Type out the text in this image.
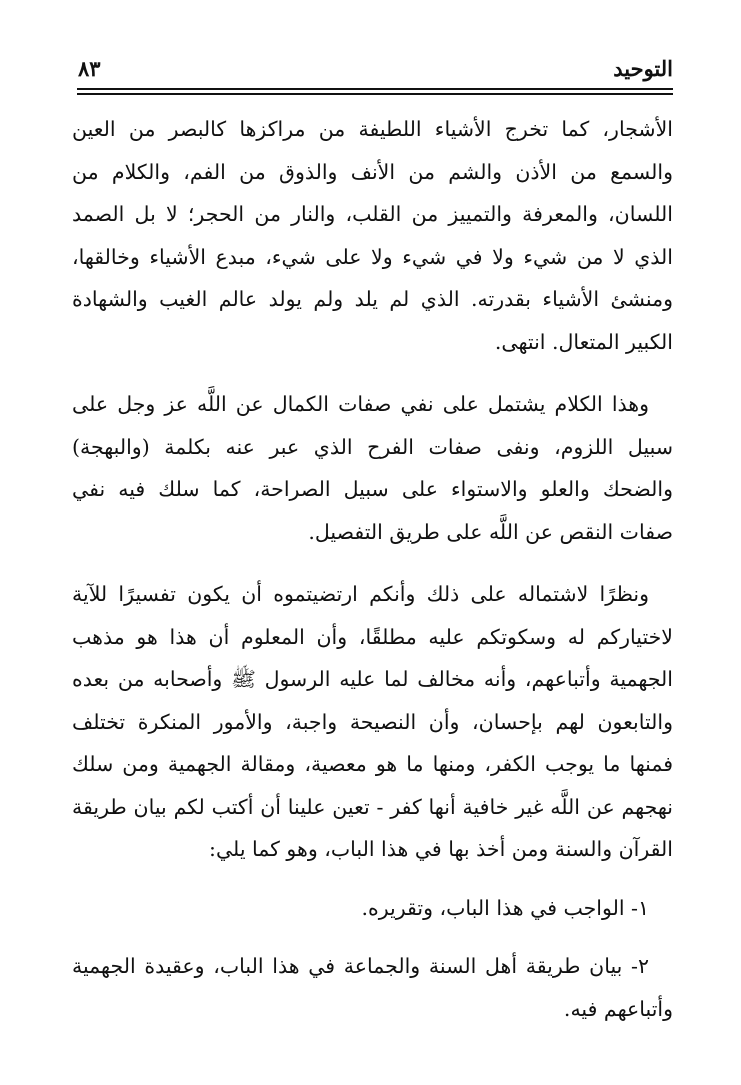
٨٣	التوحيد

الأشجار، كما تخرج الأشياء اللطيفة من مراكزها كالبصر من العين والسمع من الأذن والشم من الأنف والذوق من الفم، والكلام من اللسان، والمعرفة والتمييز من القلب، والنار من الحجر؛ لا بل الصمد الذي لا من شيء ولا في شيء ولا على شيء، مبدع الأشياء وخالقها، ومنشئ الأشياء بقدرته. الذي لم يلد ولم يولد عالم الغيب والشهادة الكبير المتعال. انتهى.

وهذا الكلام يشتمل على نفي صفات الكمال عن اللَّه عز وجل على سبيل اللزوم، ونفى صفات الفرح الذي عبر عنه بكلمة (والبهجة) والضحك والعلو والاستواء على سبيل الصراحة، كما سلك فيه نفي صفات النقص عن اللَّه على طريق التفصيل.

ونظرًا لاشتماله على ذلك وأنكم ارتضيتموه أن يكون تفسيرًا للآية لاختياركم له وسكوتكم عليه مطلقًا، وأن المعلوم أن هذا هو مذهب الجهمية وأتباعهم، وأنه مخالف لما عليه الرسول ﷺ وأصحابه من بعده والتابعون لهم بإحسان، وأن النصيحة واجبة، والأمور المنكرة تختلف فمنها ما يوجب الكفر، ومنها ما هو معصية، ومقالة الجهمية ومن سلك نهجهم عن اللَّه غير خافية أنها كفر - تعين علينا أن أكتب لكم بيان طريقة القرآن والسنة ومن أخذ بها في هذا الباب، وهو كما يلي:

١- الواجب في هذا الباب، وتقريره.

٢- بيان طريقة أهل السنة والجماعة في هذا الباب، وعقيدة الجهمية وأتباعهم فيه.
